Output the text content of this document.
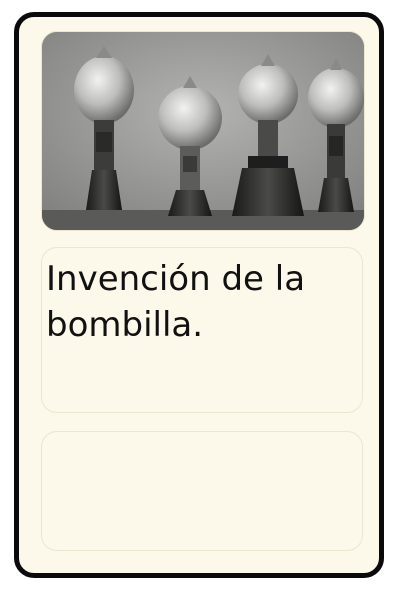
Invención de la bombilla.
